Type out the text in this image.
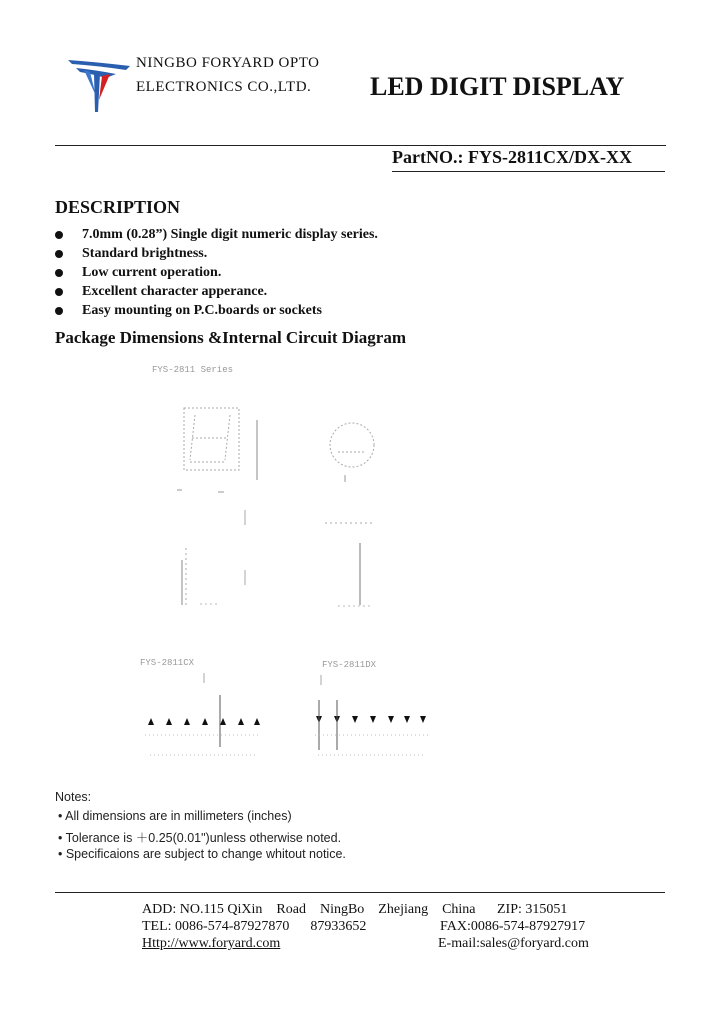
NINGBO FORYARD OPTO
ELECTRONICS CO.,LTD. LED DIGIT DISPLAY
PartNO.: FYS-2811CX/DX-XX
DESCRIPTION
7.0mm (0.28”) Single digit numeric display series.
Standard brightness.
Low current operation.
Excellent character apperance.
Easy mounting on P.C.boards or sockets
Package Dimensions &Internal Circuit Diagram
FYS-2811 Series
FYS-2811CX	FYS-2811DX
Notes:
• All dimensions are in millimeters (inches)
• Tolerance is ＋0.25(0.01")unless otherwise noted.
• Specificaions are subject to change whitout notice.
ADD: NO.115 QiXin    Road    NingBo    Zhejiang    China ZIP: 315051
TEL: 0086-574-87927870      87933652	FAX:0086-574-87927917
Http://www.foryard.com	E-mail:sales@foryard.com
